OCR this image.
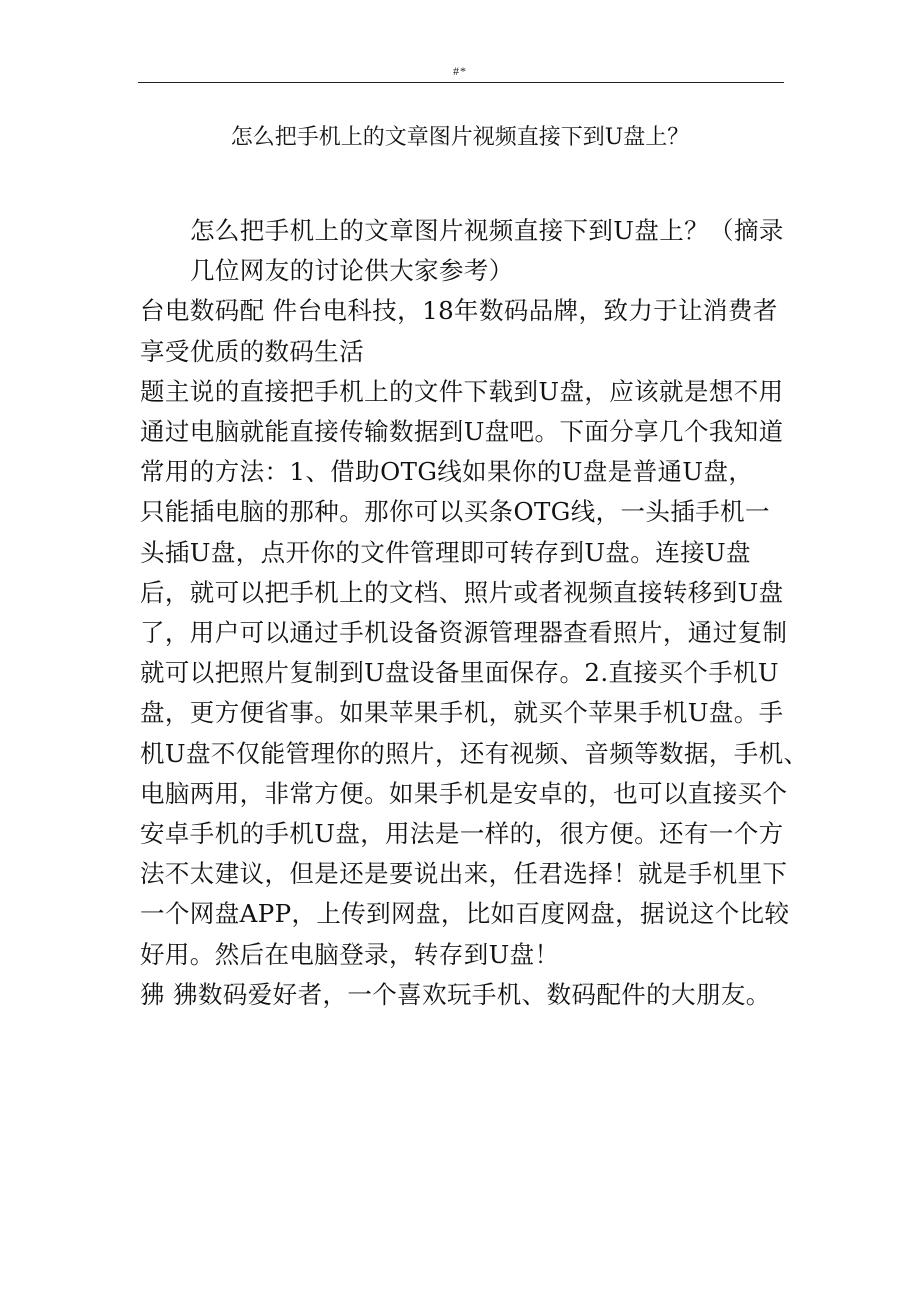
#*
怎么把手机上的文章图片视频直接下到U盘上？

怎么把手机上的文章图片视频直接下到U盘上？（摘录
几位网友的讨论供大家参考）

台电数码配 件台电科技，18年数码品牌，致力于让消费者
享受优质的数码生活

题主说的直接把手机上的文件下载到U盘，应该就是想不用
通过电脑就能直接传输数据到U盘吧。下面分享几个我知道
常用的方法：1、借助OTG线如果你的U盘是普通U盘，
只能插电脑的那种。那你可以买条OTG线，一头插手机一
头插U盘，点开你的文件管理即可转存到U盘。连接U盘
后，就可以把手机上的文档、照片或者视频直接转移到U盘
了，用户可以通过手机设备资源管理器查看照片，通过复制
就可以把照片复制到U盘设备里面保存。2.直接买个手机U
盘，更方便省事。如果苹果手机，就买个苹果手机U盘。手
机U盘不仅能管理你的照片，还有视频、音频等数据，手机、
电脑两用，非常方便。如果手机是安卓的，也可以直接买个
安卓手机的手机U盘，用法是一样的，很方便。还有一个方
法不太建议，但是还是要说出来，任君选择！就是手机里下
一个网盘APP，上传到网盘，比如百度网盘，据说这个比较
好用。然后在电脑登录，转存到U盘！

狒 狒数码爱好者，一个喜欢玩手机、数码配件的大朋友。
